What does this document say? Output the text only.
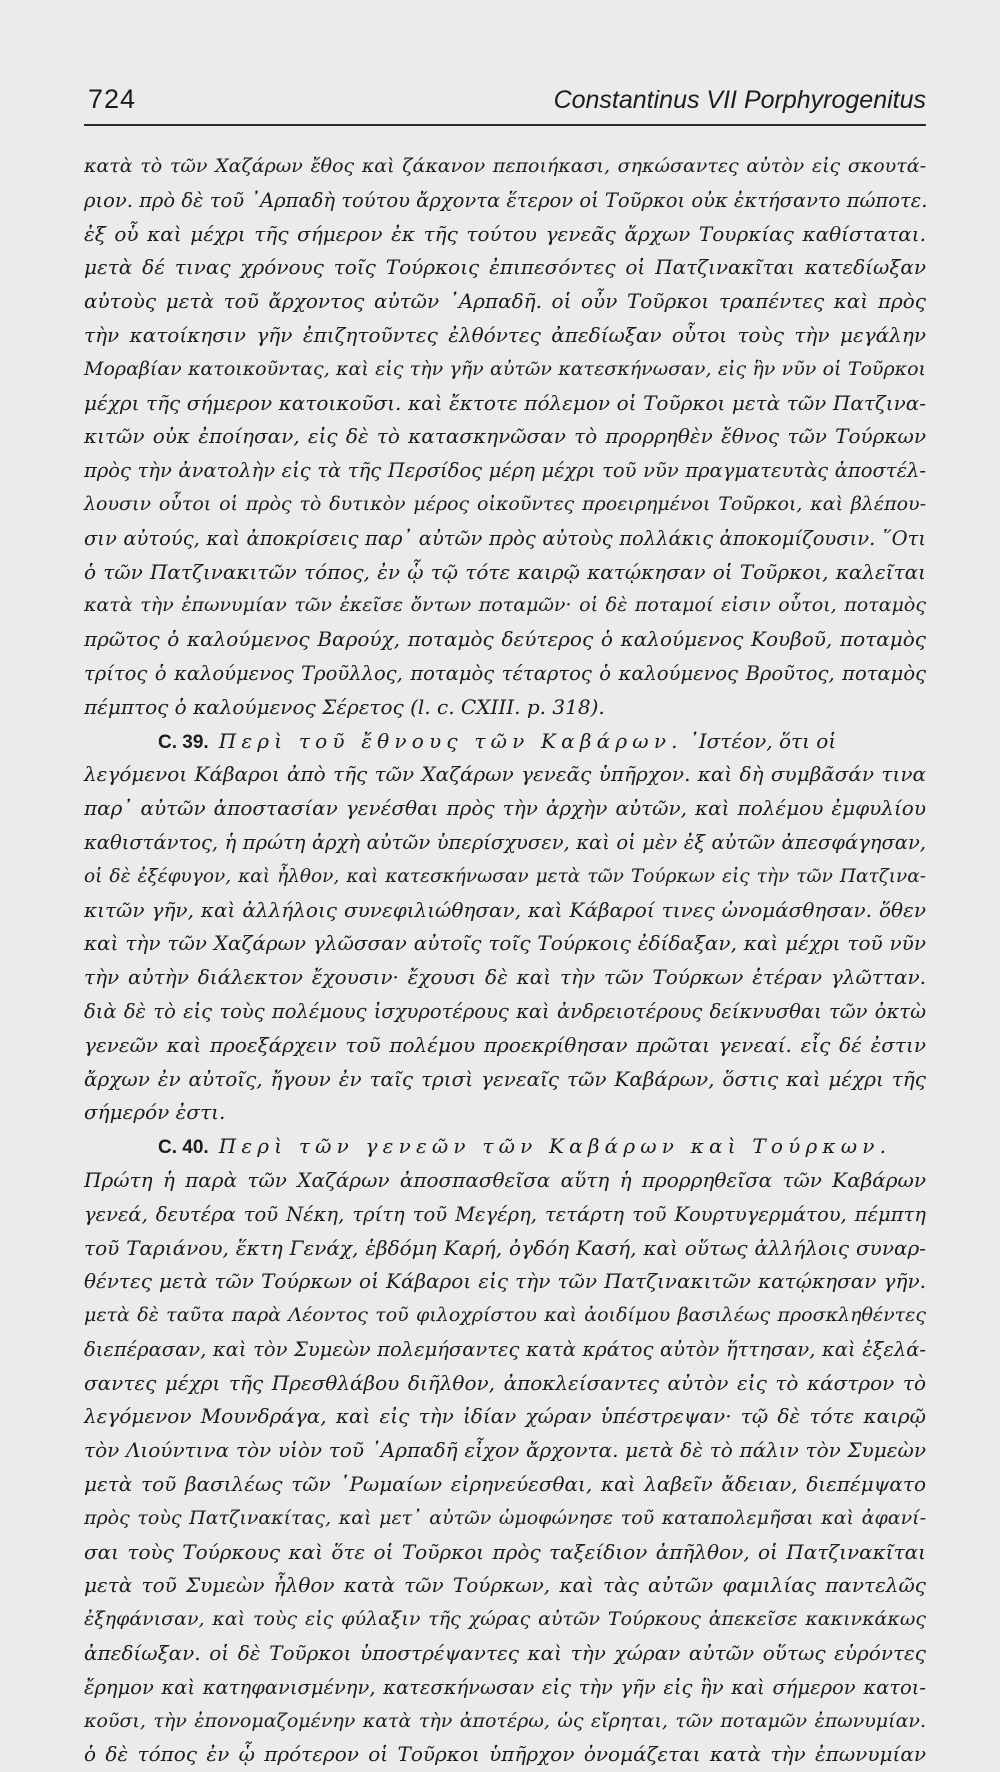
724	Constantinus VII Porphyrogenitus
κατὰ τὸ τῶν Χαζάρων ἔθος καὶ ζάκανον πεποιήκασι, σηκώσαντες αὐτὸν εἰς σκουτά-
ριον. πρὸ δὲ τοῦ ᾿Αρπαδὴ τούτου ἄρχοντα ἕτερον οἱ Τοῦρκοι οὐκ ἐκτήσαντο πώποτε.
ἐξ οὗ καὶ μέχρι τῆς σήμερον ἐκ τῆς τούτου γενεᾶς ἄρχων Τουρκίας καθίσταται.
μετὰ δέ τινας χρόνους τοῖς Τούρκοις ἐπιπεσόντες οἱ Πατζινακῖται κατεδίωξαν
αὐτοὺς μετὰ τοῦ ἄρχοντος αὐτῶν ᾿Αρπαδῆ. οἱ οὖν Τοῦρκοι τραπέντες καὶ πρὸς
τὴν κατοίκησιν γῆν ἐπιζητοῦντες ἐλθόντες ἀπεδίωξαν οὗτοι τοὺς τὴν μεγάλην
Μοραβίαν κατοικοῦντας, καὶ εἰς τὴν γῆν αὐτῶν κατεσκήνωσαν, εἰς ἣν νῦν οἱ Τοῦρκοι
μέχρι τῆς σήμερον κατοικοῦσι. καὶ ἔκτοτε πόλεμον οἱ Τοῦρκοι μετὰ τῶν Πατζινα-
κιτῶν οὐκ ἐποίησαν, εἰς δὲ τὸ κατασκηνῶσαν τὸ προρρηθὲν ἔθνος τῶν Τούρκων
πρὸς τὴν ἀνατολὴν εἰς τὰ τῆς Περσίδος μέρη μέχρι τοῦ νῦν πραγματευτὰς ἀποστέλ-
λουσιν οὗτοι οἱ πρὸς τὸ δυτικὸν μέρος οἰκοῦντες προειρημένοι Τοῦρκοι, καὶ βλέπου-
σιν αὐτούς, καὶ ἀποκρίσεις παρ᾿ αὐτῶν πρὸς αὐτοὺς πολλάκις ἀποκομίζουσιν. ῞Οτι
ὁ τῶν Πατζινακιτῶν τόπος, ἐν ᾧ τῷ τότε καιρῷ κατῴκησαν οἱ Τοῦρκοι, καλεῖται
κατὰ τὴν ἐπωνυμίαν τῶν ἐκεῖσε ὄντων ποταμῶν· οἱ δὲ ποταμοί εἰσιν οὗτοι, ποταμὸς
πρῶτος ὁ καλούμενος Βαρούχ, ποταμὸς δεύτερος ὁ καλούμενος Κουβοῦ, ποταμὸς
τρίτος ὁ καλούμενος Τροῦλλος, ποταμὸς τέταρτος ὁ καλούμενος Βροῦτος, ποταμὸς
πέμπτος ὁ καλούμενος Σέρετος (l. c. CXIII. p. 318).
C. 39. Περὶ τοῦ ἔθνους τῶν Καβάρων. ᾿Ιστέον, ὅτι οἱ
λεγόμενοι Κάβαροι ἀπὸ τῆς τῶν Χαζάρων γενεᾶς ὑπῆρχον. καὶ δὴ συμβᾶσάν τινα
παρ᾿ αὐτῶν ἀποστασίαν γενέσθαι πρὸς τὴν ἀρχὴν αὐτῶν, καὶ πολέμου ἐμφυλίου
καθιστάντος, ἡ πρώτη ἀρχὴ αὐτῶν ὑπερίσχυσεν, καὶ οἱ μὲν ἐξ αὐτῶν ἀπεσφάγησαν,
οἱ δὲ ἐξέφυγον, καὶ ἦλθον, καὶ κατεσκήνωσαν μετὰ τῶν Τούρκων εἰς τὴν τῶν Πατζινα-
κιτῶν γῆν, καὶ ἀλλήλοις συνεφιλιώθησαν, καὶ Κάβαροί τινες ὠνομάσθησαν. ὅθεν
καὶ τὴν τῶν Χαζάρων γλῶσσαν αὐτοῖς τοῖς Τούρκοις ἐδίδαξαν, καὶ μέχρι τοῦ νῦν
τὴν αὐτὴν διάλεκτον ἔχουσιν· ἔχουσι δὲ καὶ τὴν τῶν Τούρκων ἑτέραν γλῶτταν.
διὰ δὲ τὸ εἰς τοὺς πολέμους ἰσχυροτέρους καὶ ἀνδρειοτέρους δείκνυσθαι τῶν ὀκτὼ
γενεῶν καὶ προεξάρχειν τοῦ πολέμου προεκρίθησαν πρῶται γενεαί. εἷς δέ ἐστιν
ἄρχων ἐν αὐτοῖς, ἤγουν ἐν ταῖς τρισὶ γενεαῖς τῶν Καβάρων, ὅστις καὶ μέχρι τῆς
σήμερόν ἐστι.
C. 40. Περὶ τῶν γενεῶν τῶν Καβάρων καὶ Τούρκων.
Πρώτη ἡ παρὰ τῶν Χαζάρων ἀποσπασθεῖσα αὕτη ἡ προρρηθεῖσα τῶν Καβάρων
γενεά, δευτέρα τοῦ Νέκη, τρίτη τοῦ Μεγέρη, τετάρτη τοῦ Κουρτυγερμάτου, πέμπτη
τοῦ Ταριάνου, ἕκτη Γενάχ, ἑβδόμη Καρή, ὀγδόη Κασή, καὶ οὕτως ἀλλήλοις συναρ-
θέντες μετὰ τῶν Τούρκων οἱ Κάβαροι εἰς τὴν τῶν Πατζινακιτῶν κατῴκησαν γῆν.
μετὰ δὲ ταῦτα παρὰ Λέοντος τοῦ φιλοχρίστου καὶ ἀοιδίμου βασιλέως προσκληθέντες
διεπέρασαν, καὶ τὸν Συμεὼν πολεμήσαντες κατὰ κράτος αὐτὸν ἥττησαν, καὶ ἐξελά-
σαντες μέχρι τῆς Πρεσθλάβου διῆλθον, ἀποκλείσαντες αὐτὸν εἰς τὸ κάστρον τὸ
λεγόμενον Μουνδράγα, καὶ εἰς τὴν ἰδίαν χώραν ὑπέστρεψαν· τῷ δὲ τότε καιρῷ
τὸν Λιούντινα τὸν υἱὸν τοῦ ᾿Αρπαδῆ εἶχον ἄρχοντα. μετὰ δὲ τὸ πάλιν τὸν Συμεὼν
μετὰ τοῦ βασιλέως τῶν ῾Ρωμαίων εἰρηνεύεσθαι, καὶ λαβεῖν ἄδειαν, διεπέμψατο
πρὸς τοὺς Πατζινακίτας, καὶ μετ᾿ αὐτῶν ὡμοφώνησε τοῦ καταπολεμῆσαι καὶ ἀφανί-
σαι τοὺς Τούρκους καὶ ὅτε οἱ Τοῦρκοι πρὸς ταξείδιον ἀπῆλθον, οἱ Πατζινακῖται
μετὰ τοῦ Συμεὼν ἦλθον κατὰ τῶν Τούρκων, καὶ τὰς αὐτῶν φαμιλίας παντελῶς
ἐξηφάνισαν, καὶ τοὺς εἰς φύλαξιν τῆς χώρας αὐτῶν Τούρκους ἀπεκεῖσε κακινκάκως
ἀπεδίωξαν. οἱ δὲ Τοῦρκοι ὑποστρέψαντες καὶ τὴν χώραν αὐτῶν οὕτως εὑρόντες
ἔρημον καὶ κατηφανισμένην, κατεσκήνωσαν εἰς τὴν γῆν εἰς ἣν καὶ σήμερον κατοι-
κοῦσι, τὴν ἐπονομαζομένην κατὰ τὴν ἀποτέρω, ὡς εἴρηται, τῶν ποταμῶν ἐπωνυμίαν.
ὁ δὲ τόπος ἐν ᾧ πρότερον οἱ Τοῦρκοι ὑπῆρχον ὀνομάζεται κατὰ τὴν ἐπωνυμίαν
